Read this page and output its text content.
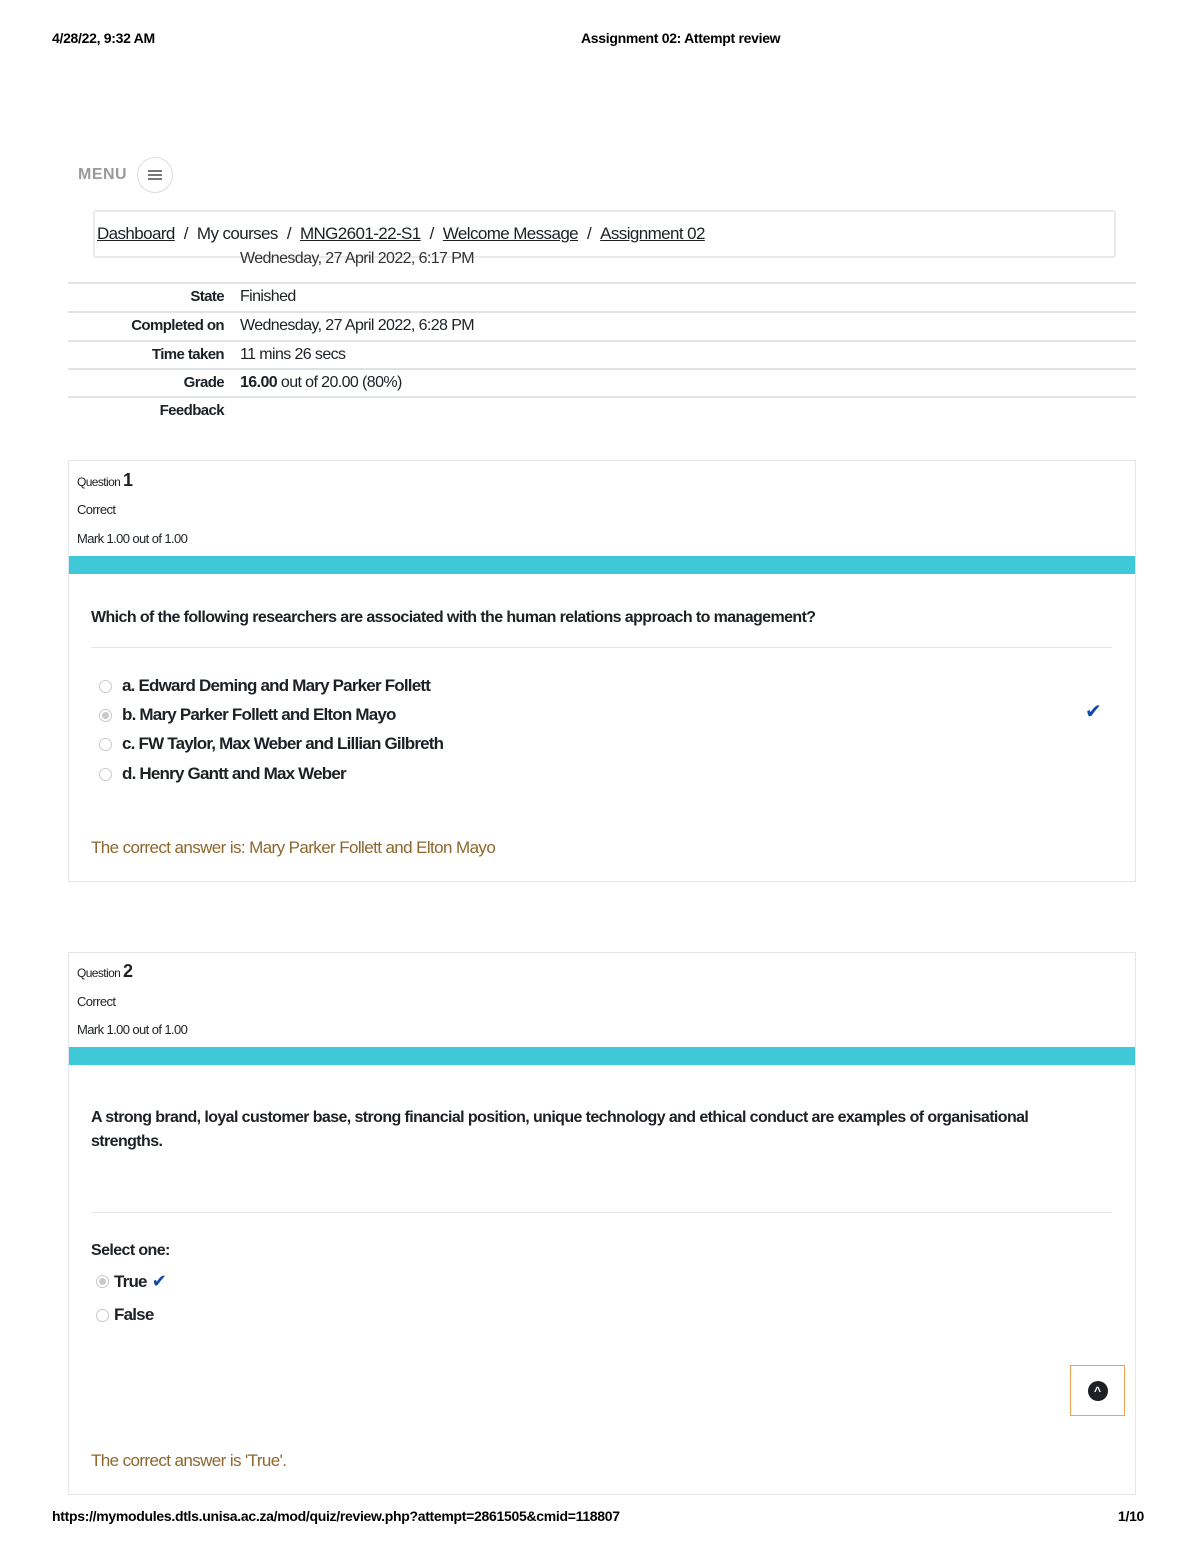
4/28/22, 9:32 AM	Assignment 02: Attempt review
MENU
Dashboard / My courses / MNG2601-22-S1 / Welcome Message / Assignment 02
Wednesday, 27 April 2022, 6:17 PM
State Finished
Completed on Wednesday, 27 April 2022, 6:28 PM
Time taken 11 mins 26 secs
Grade 16.00 out of 20.00 (80%)
Feedback
Question 1
Correct
Mark 1.00 out of 1.00
Which of the following researchers are associated with the human relations approach to management?
a. Edward Deming and Mary Parker Follett
b. Mary Parker Follett and Elton Mayo
c. FW Taylor, Max Weber and Lillian Gilbreth
d. Henry Gantt and Max Weber
✔
The correct answer is: Mary Parker Follett and Elton Mayo
Question 2
Correct
Mark 1.00 out of 1.00
A strong brand, loyal customer base, strong financial position, unique technology and ethical conduct are examples of organisational strengths.
Select one:
True ✔
False
The correct answer is 'True'.
^
https://mymodules.dtls.unisa.ac.za/mod/quiz/review.php?attempt=2861505&cmid=118807	1/10
